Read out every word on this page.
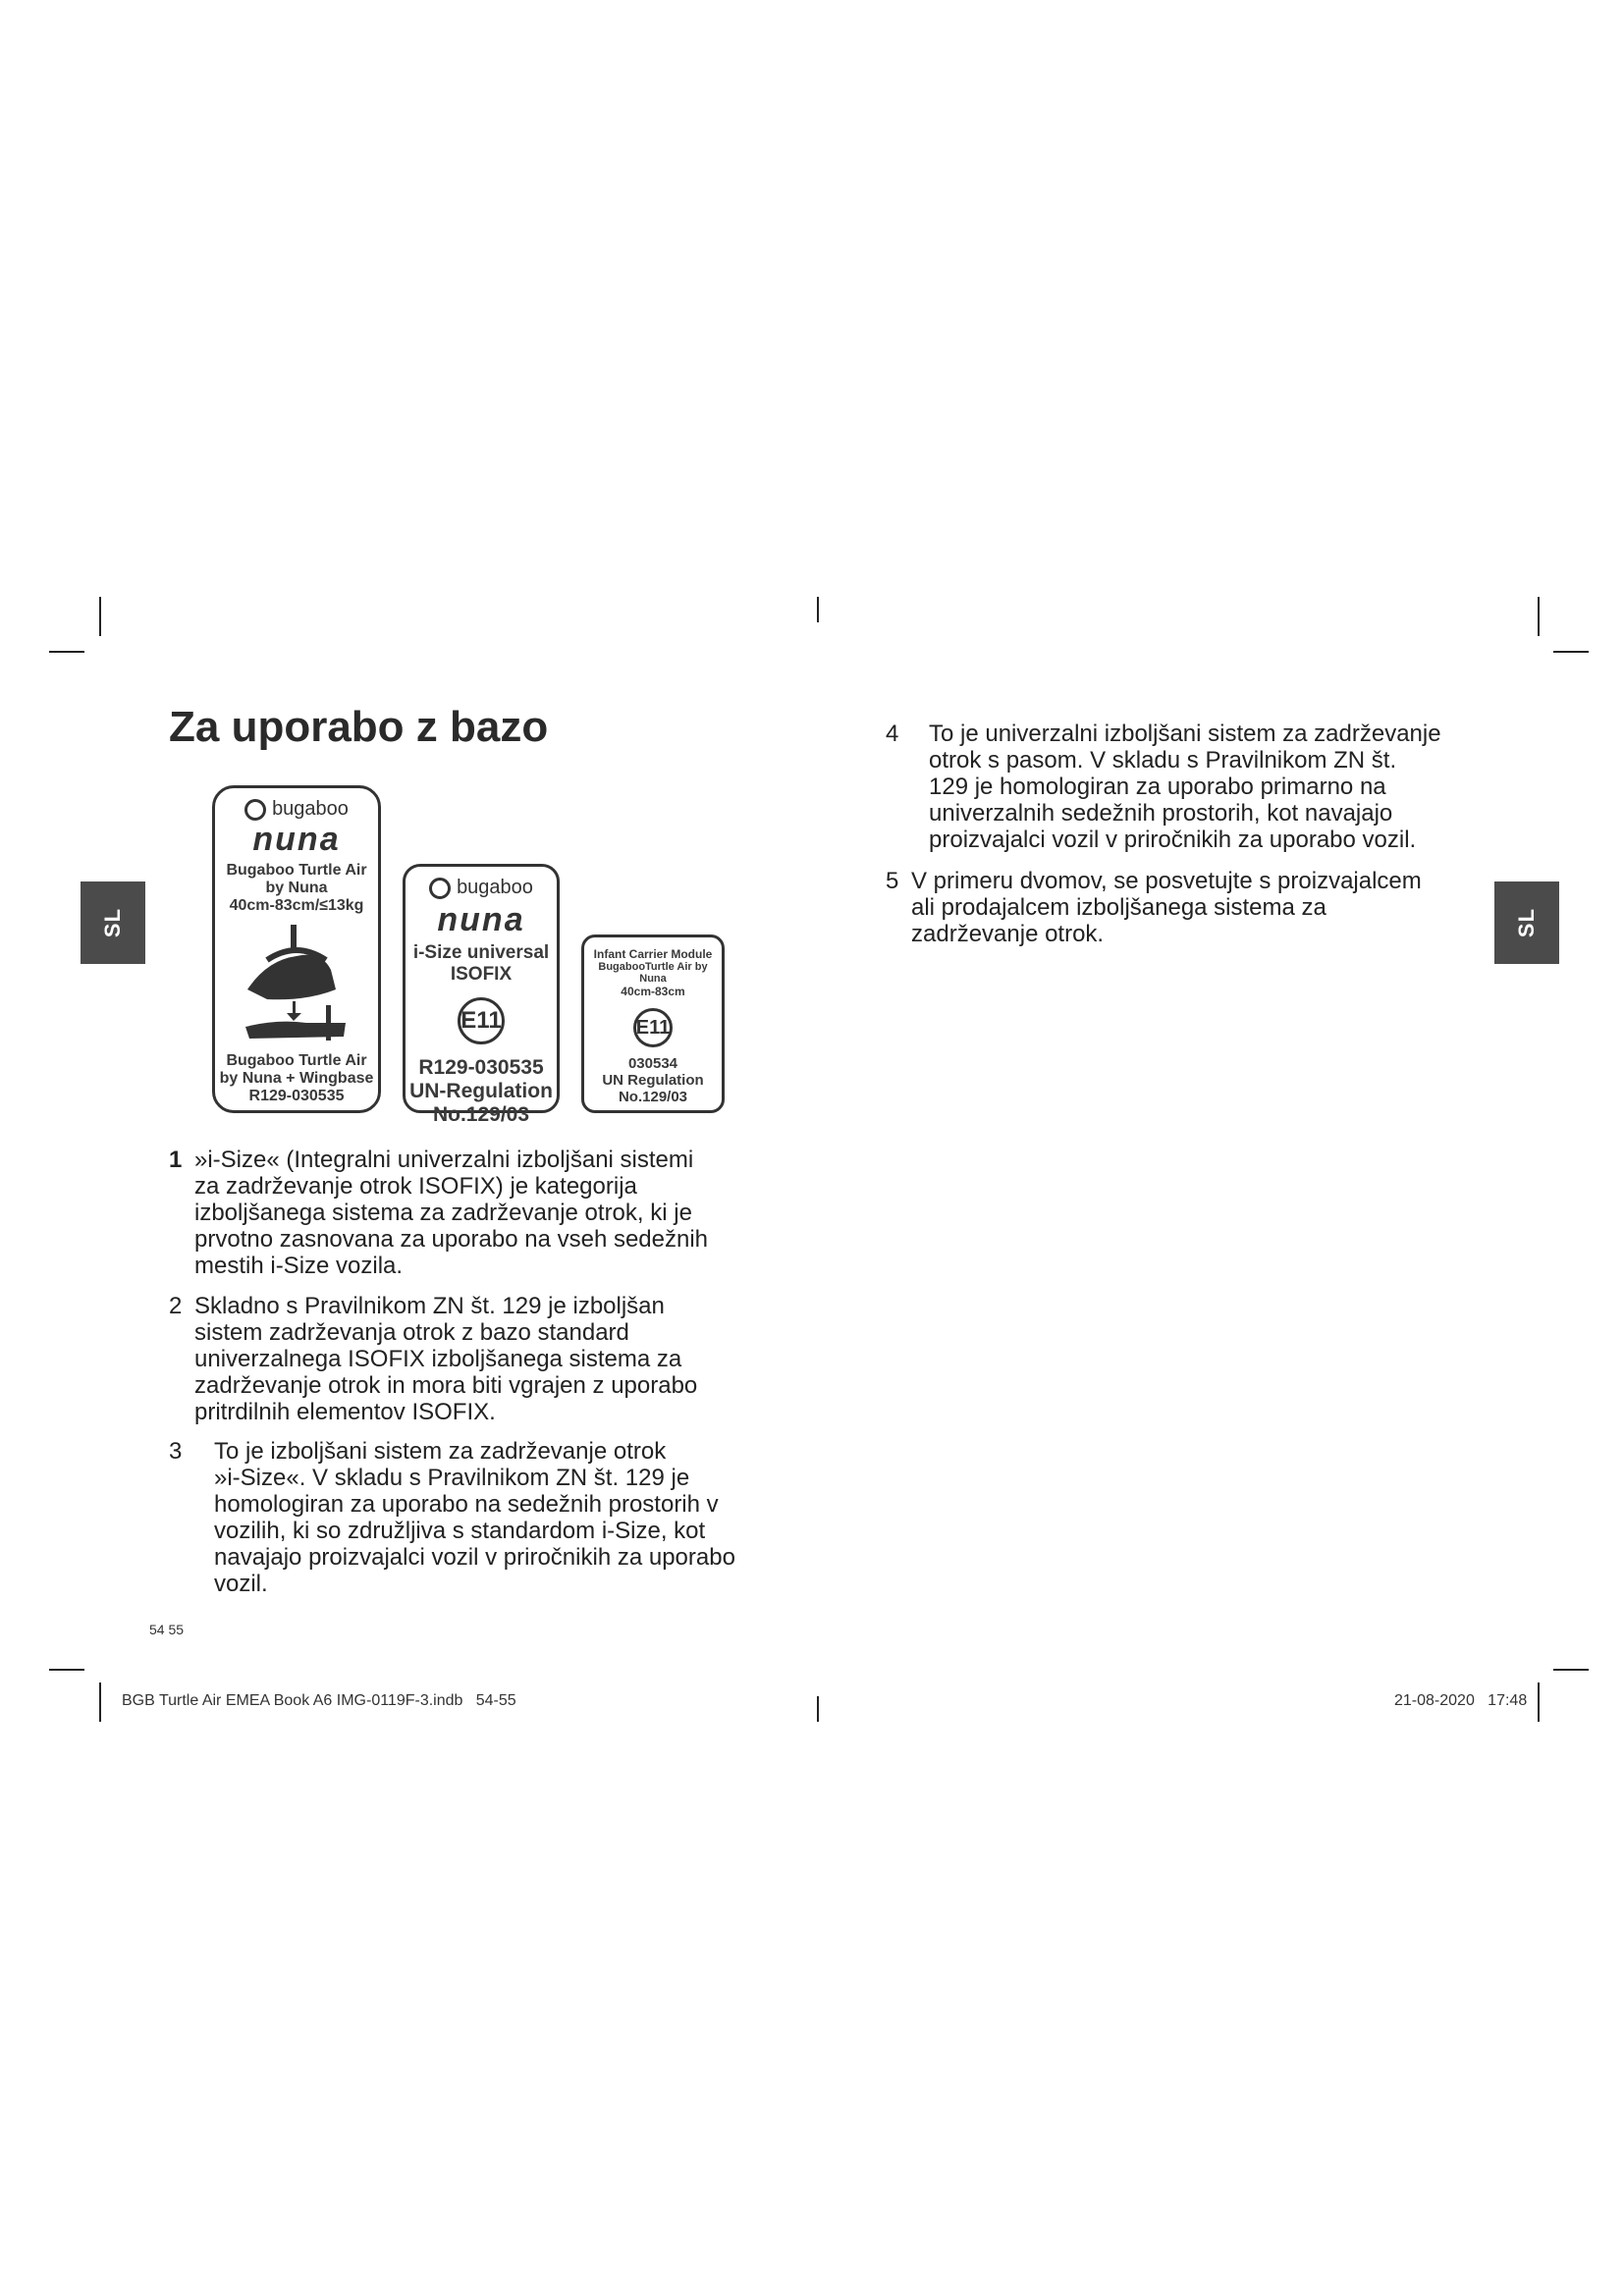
SL	SL
Za uporabo z bazo
bugaboo
nuna
Bugaboo Turtle Air
by Nuna
40cm-83cm/≤13kg
Bugaboo Turtle Air
by Nuna + Wingbase
R129-030535
bugaboo
nuna
i-Size universal
ISOFIX
E11
R129-030535
UN-Regulation
No.129/03
Infant Carrier Module
BugabooTurtle Air by Nuna
40cm-83cm
E11
030534
UN Regulation
No.129/03
1 »i-Size« (Integralni univerzalni izboljšani sistemi
za zadrževanje otrok ISOFIX) je kategorija
izboljšanega sistema za zadrževanje otrok, ki je
prvotno zasnovana za uporabo na vseh sedežnih
mestih i-Size vozila.
2 Skladno s Pravilnikom ZN št. 129 je izboljšan
sistem zadrževanja otrok z bazo standard
univerzalnega ISOFIX izboljšanega sistema za
zadrževanje otrok in mora biti vgrajen z uporabo
pritrdilnih elementov ISOFIX.
3 To je izboljšani sistem za zadrževanje otrok
»i-Size«. V skladu s Pravilnikom ZN št. 129 je
homologiran za uporabo na sedežnih prostorih v
vozilih, ki so združljiva s standardom i-Size, kot
navajajo proizvajalci vozil v priročnikih za uporabo
vozil.
4 To je univerzalni izboljšani sistem za zadrževanje
otrok s pasom. V skladu s Pravilnikom ZN št.
129 je homologiran za uporabo primarno na
univerzalnih sedežnih prostorih, kot navajajo
proizvajalci vozil v priročnikih za uporabo vozil.
5 V primeru dvomov, se posvetujte s proizvajalcem
ali prodajalcem izboljšanega sistema za
zadrževanje otrok.
54 55
BGB Turtle Air EMEA Book A6 IMG-0119F-3.indb   54-55	21-08-2020   17:48
